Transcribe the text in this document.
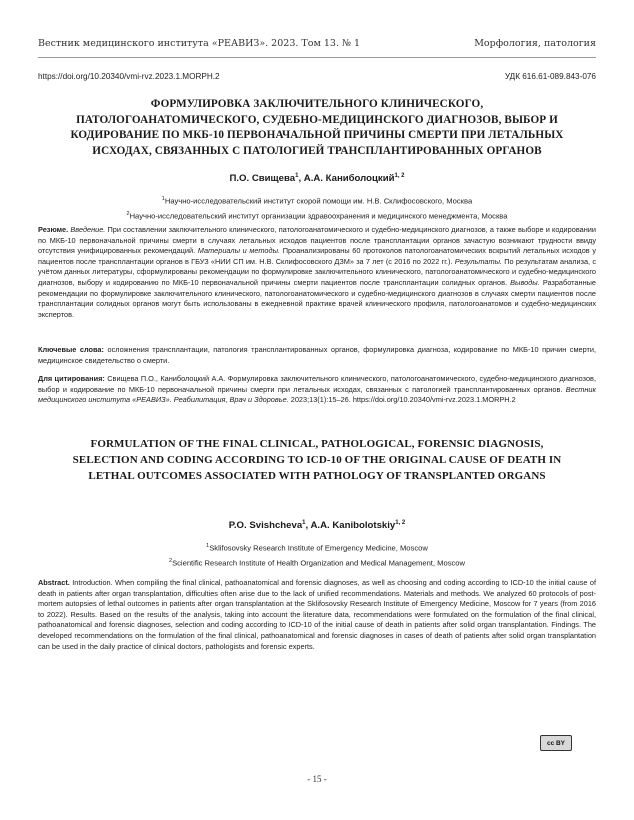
Вестник медицинского института «РЕАВИЗ». 2023. Том 13. № 1	Морфология, патология
https://doi.org/10.20340/vmi-rvz.2023.1.MORPH.2	УДК 616.61-089.843-076
ФОРМУЛИРОВКА ЗАКЛЮЧИТЕЛЬНОГО КЛИНИЧЕСКОГО, ПАТОЛОГОАНАТОМИЧЕСКОГО, СУДЕБНО-МЕДИЦИНСКОГО ДИАГНОЗОВ, ВЫБОР И КОДИРОВАНИЕ ПО МКБ-10 ПЕРВОНАЧАЛЬНОЙ ПРИЧИНЫ СМЕРТИ ПРИ ЛЕТАЛЬНЫХ ИСХОДАХ, СВЯЗАННЫХ С ПАТОЛОГИЕЙ ТРАНСПЛАНТИРОВАННЫХ ОРГАНОВ
П.О. Свищева$^1$, А.А. Каниболоцкий$^{1, 2}$
$^1$Научно-исследовательский институт скорой помощи им. Н.В. Склифосовского, Москва
$^2$Научно-исследовательский институт организации здравоохранения и медицинского менеджмента, Москва
Резюме. Введение. При составлении заключительного клинического, патологоанатомического и судебно-медицинского диагнозов, а также выборе и кодировании по МКБ-10 первоначальной причины смерти в случаях летальных исходов пациентов после трансплантации органов зачастую возникают трудности ввиду отсутствия унифицированных рекомендаций. Материалы и методы. Проанализированы 60 протоколов патологоанатомических вскрытий летальных исходов у пациентов после трансплантации органов в ГБУЗ «НИИ СП им. Н.В. Склифосовского ДЗМ» за 7 лет (с 2016 по 2022 гг.). Результаты. По результатам анализа, с учётом данных литературы, сформулированы рекомендации по формулировке заключительного клинического, патологоанатомического и судебно-медицинского диагнозов, выбору и кодированию по МКБ-10 первоначальной причины смерти пациентов после трансплантации солидных органов. Выводы. Разработанные рекомендации по формулировке заключительного клинического, патологоанатомического и судебно-медицинского диагнозов в случаях смерти пациентов после трансплантации солидных органов могут быть использованы в ежедневной практике врачей клинического профиля, патологоанатомов и судебно-медицинских экспертов.
Ключевые слова: осложнения трансплантации, патология трансплантированных органов, формулировка диагноза, кодирование по МКБ-10 причин смерти, медицинское свидетельство о смерти.
Для цитирования: Свищева П.О., Каниболоцкий А.А. Формулировка заключительного клинического, патологоанатомического, судебно-медицинского диагнозов, выбор и кодирование по МКБ-10 первоначальной причины смерти при летальных исходах, связанных с патологией трансплантированных органов. Вестник медицинского института «РЕАВИЗ». Реабилитация, Врач и Здоровье. 2023;13(1):15–26. https://doi.org/10.20340/vmi-rvz.2023.1.MORPH.2
FORMULATION OF THE FINAL CLINICAL, PATHOLOGICAL, FORENSIC DIAGNOSIS, SELECTION AND CODING ACCORDING TO ICD-10 OF THE ORIGINAL CAUSE OF DEATH IN LETHAL OUTCOMES ASSOCIATED WITH PATHOLOGY OF TRANSPLANTED ORGANS
P.O. Svishcheva$^1$, A.A. Kanibolotskiy$^{1, 2}$
$^1$Sklifosovsky Research Institute of Emergency Medicine, Moscow
$^2$Scientific Research Institute of Health Organization and Medical Management, Moscow
Abstract. Introduction. When compiling the final clinical, pathoanatomical and forensic diagnoses, as well as choosing and coding according to ICD-10 the initial cause of death in patients after organ transplantation, difficulties often arise due to the lack of unified recommendations. Materials and methods. We analyzed 60 protocols of post-mortem autopsies of lethal outcomes in patients after organ transplantation at the Sklifosovsky Research Institute of Emergency Medicine, Moscow for 7 years (from 2016 to 2022). Results. Based on the results of the analysis, taking into account the literature data, recommendations were formulated on the formulation of the final clinical, pathoanatomical and forensic diagnoses, selection and coding according to ICD-10 of the initial cause of death in patients after solid organ transplantation. Findings. The developed recommendations on the formulation of the final clinical, pathoanatomical and forensic diagnoses in cases of death of patients after solid organ transplantation can be used in the daily practice of clinical doctors, pathologists and forensic experts.
cc BY
- 15 -
